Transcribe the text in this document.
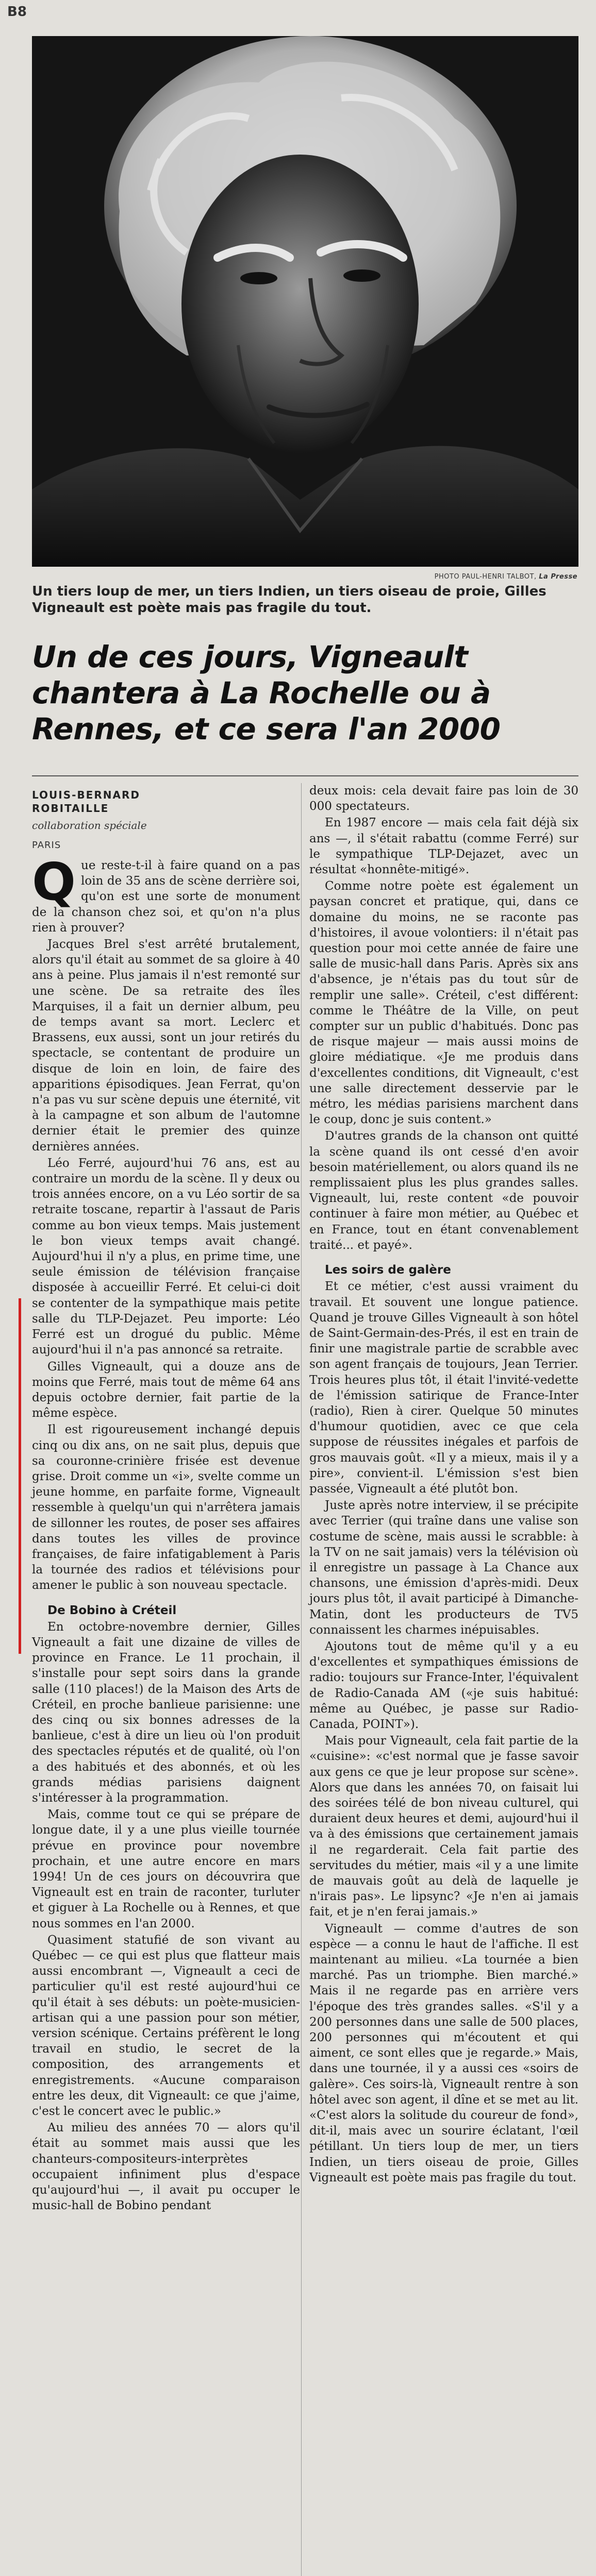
B8
PHOTO PAUL-HENRI TALBOT, La Presse
Un tiers loup de mer, un tiers Indien, un tiers oiseau de proie, Gilles Vigneault est poète mais pas fragile du tout.
Un de ces jours, Vigneault chantera à La Rochelle ou à Rennes, et ce sera l'an 2000
LOUIS-BERNARD
ROBITAILLE
collaboration spéciale
PARIS

Que reste-t-il à faire quand on a pas loin de 35 ans de scène derrière soi, qu'on est une sorte de monument de la chanson chez soi, et qu'on n'a plus rien à prouver?

Jacques Brel s'est arrêté brutalement, alors qu'il était au sommet de sa gloire à 40 ans à peine. Plus jamais il n'est remonté sur une scène. De sa retraite des îles Marquises, il a fait un dernier album, peu de temps avant sa mort. Leclerc et Brassens, eux aussi, sont un jour retirés du spectacle, se contentant de produire un disque de loin en loin, de faire des apparitions épisodiques. Jean Ferrat, qu'on n'a pas vu sur scène depuis une éternité, vit à la campagne et son album de l'automne dernier était le premier des quinze dernières années.

Léo Ferré, aujourd'hui 76 ans, est au contraire un mordu de la scène. Il y deux ou trois années encore, on a vu Léo sortir de sa retraite toscane, repartir à l'assaut de Paris comme au bon vieux temps. Mais justement le bon vieux temps avait changé. Aujourd'hui il n'y a plus, en prime time, une seule émission de télévision française disposée à accueillir Ferré. Et celui-ci doit se contenter de la sympathique mais petite salle du TLP-Dejazet. Peu importe: Léo Ferré est un drogué du public. Même aujourd'hui il n'a pas annoncé sa retraite.

Gilles Vigneault, qui a douze ans de moins que Ferré, mais tout de même 64 ans depuis octobre dernier, fait partie de la même espèce.

Il est rigoureusement inchangé depuis cinq ou dix ans, on ne sait plus, depuis que sa couronne-crinière frisée est devenue grise. Droit comme un «i», svelte comme un jeune homme, en parfaite forme, Vigneault ressemble à quelqu'un qui n'arrêtera jamais de sillonner les routes, de poser ses affaires dans toutes les villes de province françaises, de faire infatigablement à Paris la tournée des radios et télévisions pour amener le public à son nouveau spectacle.

De Bobino à Créteil

En octobre-novembre dernier, Gilles Vigneault a fait une dizaine de villes de province en France. Le 11 prochain, il s'installe pour sept soirs dans la grande salle (110 places!) de la Maison des Arts de Créteil, en proche banlieue parisienne: une des cinq ou six bonnes adresses de la banlieue, c'est à dire un lieu où l'on produit des spectacles réputés et de qualité, où l'on a des habitués et des abonnés, et où les grands médias parisiens daignent s'intéresser à la programmation.

Mais, comme tout ce qui se prépare de longue date, il y a une plus vieille tournée prévue en province pour novembre prochain, et une autre encore en mars 1994! Un de ces jours on découvrira que Vigneault est en train de raconter, turluter et giguer à La Rochelle ou à Rennes, et que nous sommes en l'an 2000.

Quasiment statufié de son vivant au Québec — ce qui est plus que flatteur mais aussi encombrant —, Vigneault a ceci de particulier qu'il est resté aujourd'hui ce qu'il était à ses débuts: un poète-musicien-artisan qui a une passion pour son métier, version scénique. Certains préfèrent le long travail en studio, le secret de la composition, des arrangements et enregistrements. «Aucune comparaison entre les deux, dit Vigneault: ce que j'aime, c'est le concert avec le public.»

Au milieu des années 70 — alors qu'il était au sommet mais aussi que les chanteurs-compositeurs-interprètes occupaient infiniment plus d'espace qu'aujourd'hui —, il avait pu occuper le music-hall de Bobino pendant

deux mois: cela devait faire pas loin de 30 000 spectateurs.

En 1987 encore — mais cela fait déjà six ans —, il s'était rabattu (comme Ferré) sur le sympathique TLP-Dejazet, avec un résultat «honnête-mitigé».

Comme notre poète est également un paysan concret et pratique, qui, dans ce domaine du moins, ne se raconte pas d'histoires, il avoue volontiers: il n'était pas question pour moi cette année de faire une salle de music-hall dans Paris. Après six ans d'absence, je n'étais pas du tout sûr de remplir une salle». Créteil, c'est différent: comme le Théâtre de la Ville, on peut compter sur un public d'habitués. Donc pas de risque majeur — mais aussi moins de gloire médiatique. «Je me produis dans d'excellentes conditions, dit Vigneault, c'est une salle directement desservie par le métro, les médias parisiens marchent dans le coup, donc je suis content.»

D'autres grands de la chanson ont quitté la scène quand ils ont cessé d'en avoir besoin matériellement, ou alors quand ils ne remplissaient plus les plus grandes salles. Vigneault, lui, reste content «de pouvoir continuer à faire mon métier, au Québec et en France, tout en étant convenablement traité... et payé».

Les soirs de galère

Et ce métier, c'est aussi vraiment du travail. Et souvent une longue patience. Quand je trouve Gilles Vigneault à son hôtel de Saint-Germain-des-Prés, il est en train de finir une magistrale partie de scrabble avec son agent français de toujours, Jean Terrier. Trois heures plus tôt, il était l'invité-vedette de l'émission satirique de France-Inter (radio), Rien à cirer. Quelque 50 minutes d'humour quotidien, avec ce que cela suppose de réussites inégales et parfois de gros mauvais goût. «Il y a mieux, mais il y a pire», convient-il. L'émission s'est bien passée, Vigneault a été plutôt bon.

Juste après notre interview, il se précipite avec Terrier (qui traîne dans une valise son costume de scène, mais aussi le scrabble: à la TV on ne sait jamais) vers la télévision où il enregistre un passage à La Chance aux chansons, une émission d'après-midi. Deux jours plus tôt, il avait participé à Dimanche-Matin, dont les producteurs de TV5 connaissent les charmes inépuisables.

Ajoutons tout de même qu'il y a eu d'excellentes et sympathiques émissions de radio: toujours sur France-Inter, l'équivalent de Radio-Canada AM («je suis habitué: même au Québec, je passe sur Radio-Canada, POINT»).

Mais pour Vigneault, cela fait partie de la «cuisine»: «c'est normal que je fasse savoir aux gens ce que je leur propose sur scène». Alors que dans les années 70, on faisait lui des soirées télé de bon niveau culturel, qui duraient deux heures et demi, aujourd'hui il va à des émissions que certainement jamais il ne regarderait. Cela fait partie des servitudes du métier, mais «il y a une limite de mauvais goût au delà de laquelle je n'irais pas». Le lipsync? «Je n'en ai jamais fait, et je n'en ferai jamais.»

Vigneault — comme d'autres de son espèce — a connu le haut de l'affiche. Il est maintenant au milieu. «La tournée a bien marché. Pas un triomphe. Bien marché.» Mais il ne regarde pas en arrière vers l'époque des très grandes salles. «S'il y a 200 personnes dans une salle de 500 places, 200 personnes qui m'écoutent et qui aiment, ce sont elles que je regarde.» Mais, dans une tournée, il y a aussi ces «soirs de galère». Ces soirs-là, Vigneault rentre à son hôtel avec son agent, il dîne et se met au lit. «C'est alors la solitude du coureur de fond», dit-il, mais avec un sourire éclatant, l'œil pétillant. Un tiers loup de mer, un tiers Indien, un tiers oiseau de proie, Gilles Vigneault est poète mais pas fragile du tout.
